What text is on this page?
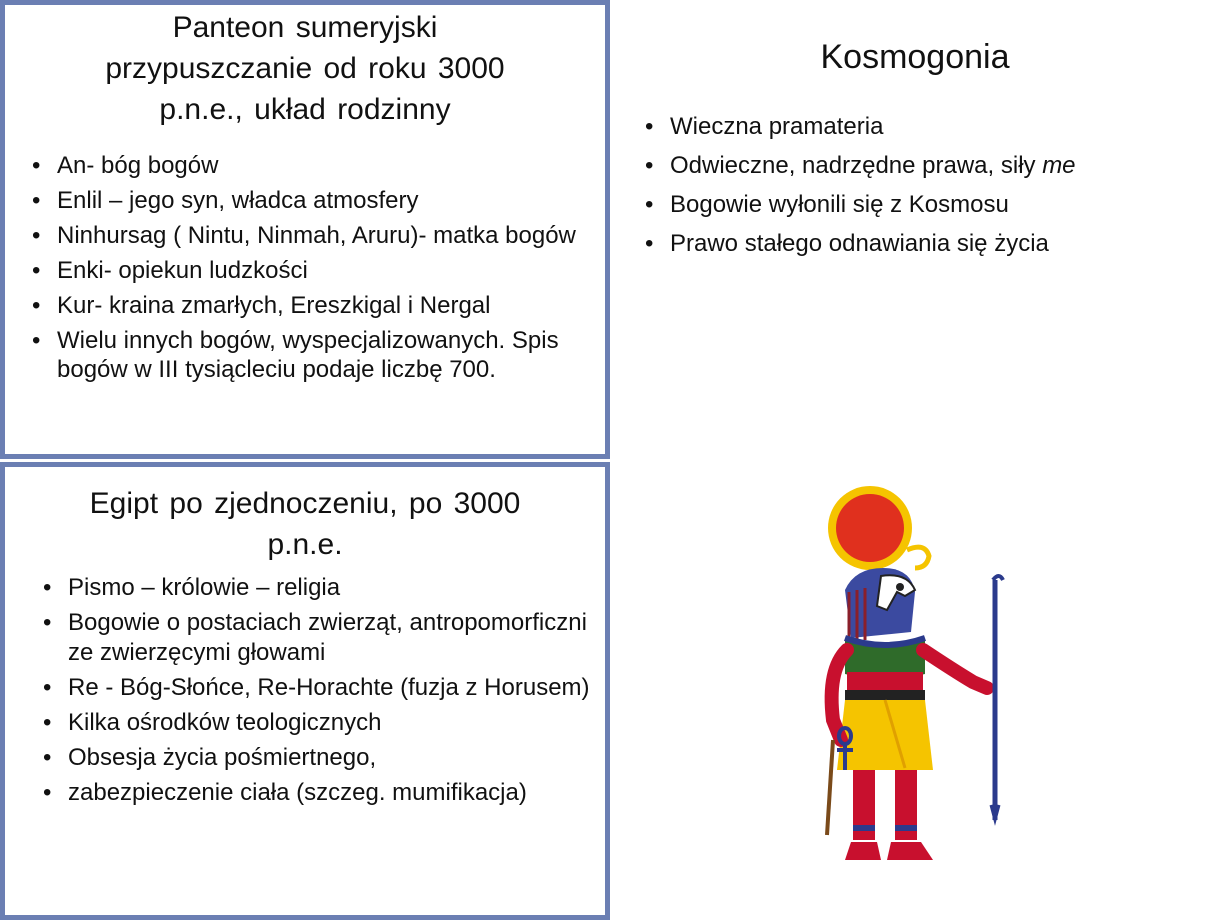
Panteon sumeryjski
przypuszczanie od roku 3000
p.n.e., układ rodzinny
• An- bóg bogów
• Enlil – jego syn, władca atmosfery
• Ninhursag ( Nintu, Ninmah, Aruru)- matka bogów
• Enki- opiekun ludzkości
• Kur- kraina zmarłych, Ereszkigal i Nergal
• Wielu innych bogów, wyspecjalizowanych. Spis bogów w III tysiącleciu podaje liczbę 700.
Egipt po zjednoczeniu, po 3000
p.n.e.
• Pismo – królowie – religia
• Bogowie o postaciach zwierząt, antropomorficzni ze zwierzęcymi głowami
• Re - Bóg-Słońce, Re-Horachte (fuzja z Horusem)
• Kilka ośrodków teologicznych
• Obsesja życia pośmiertnego,
• zabezpieczenie ciała (szczeg. mumifikacja)
Kosmogonia
• Wieczna pramateria
• Odwieczne, nadrzędne prawa, siły me
• Bogowie wyłonili się z Kosmosu
• Prawo stałego odnawiania się życia
